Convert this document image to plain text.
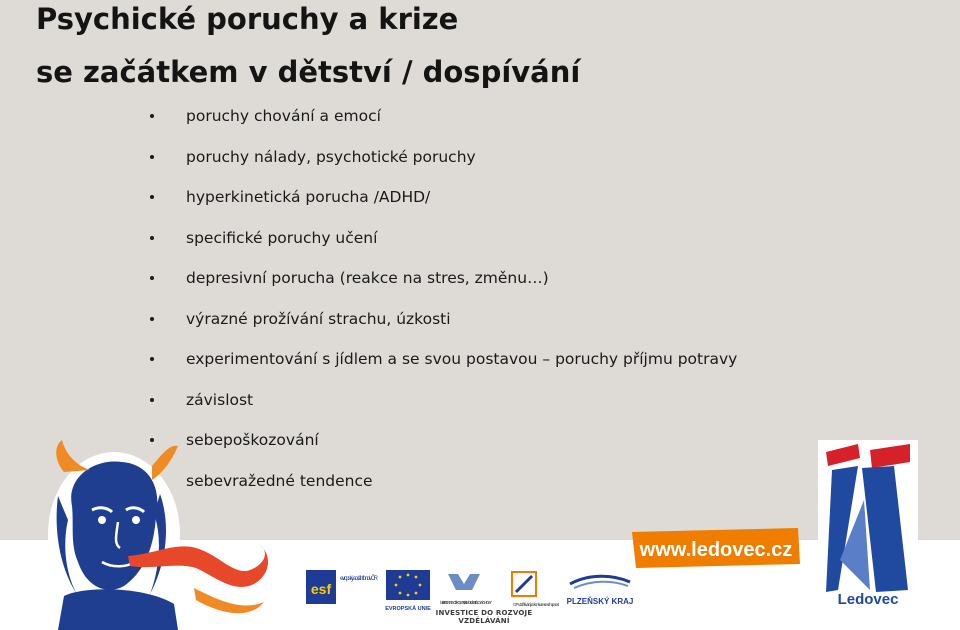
Psychické poruchy a krize
se začátkem v dětství / dospívání
poruchy chování a emocí
poruchy nálady, psychotické poruchy
hyperkinetická porucha /ADHD/
specifické poruchy učení
depresivní porucha (reakce na stres, změnu…)
výrazné prožívání strachu, úzkosti
experimentování s jídlem a se svou postavou – poruchy příjmu potravy
závislost
sebepoškozování
sebevražedné tendence
www.ledovec.cz
Ledovec
esf
evropský sociální fond v ČR
EVROPSKÁ UNIE
MINISTERSTVO ŠKOLSTVÍ, MLÁDEŽE A TĚLOVÝCHOVY	OP Vzdělávání pro konkurenceschopnost PLZEŇSKÝ KRAJ
INVESTICE DO ROZVOJE VZDĚLÁVÁNÍ
